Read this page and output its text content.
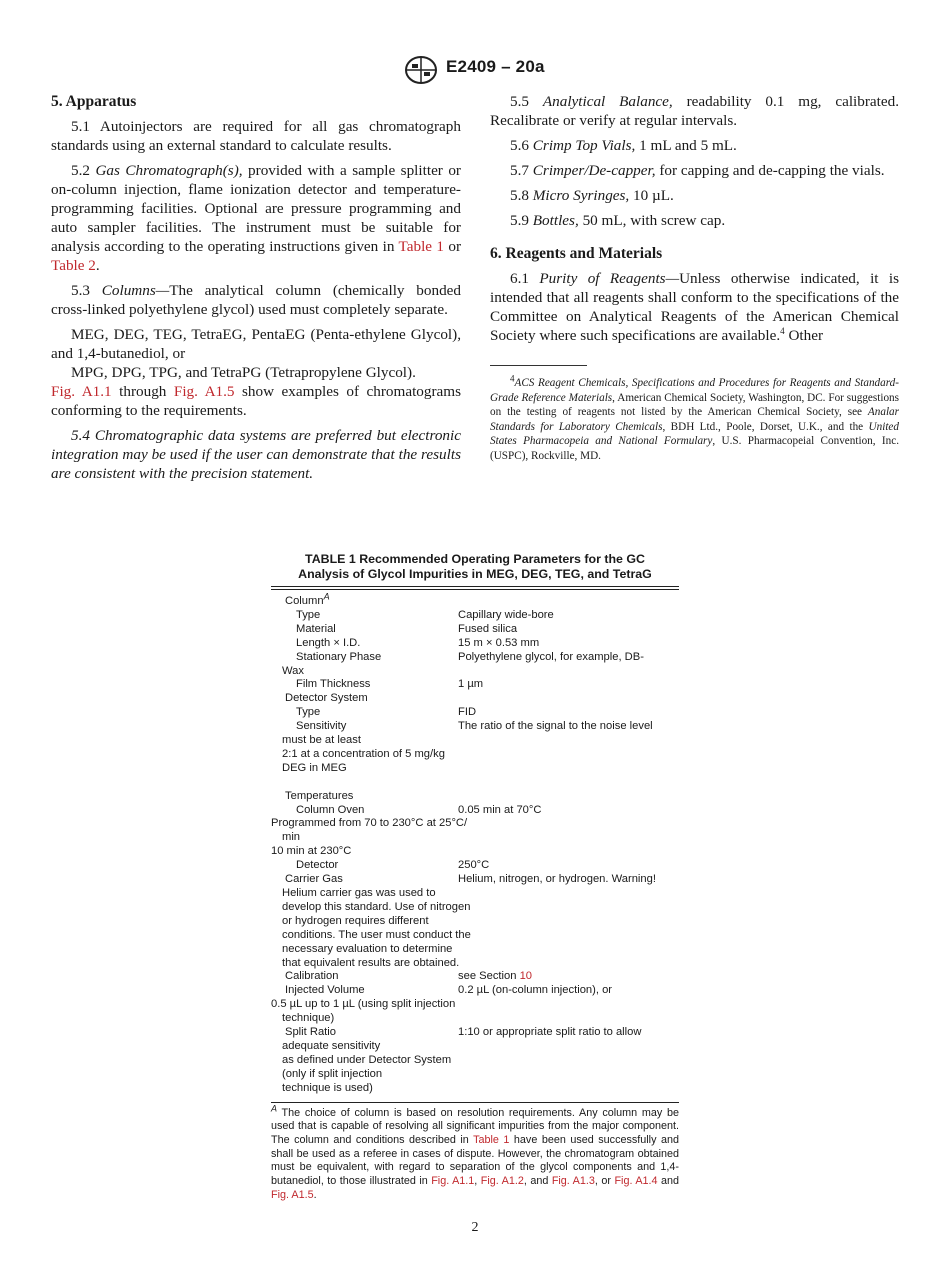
E2409 – 20a
5. Apparatus

5.1 Autoinjectors are required for all gas chromatograph standards using an external standard to calculate results.

5.2 Gas Chromatograph(s), provided with a sample splitter or on-column injection, flame ionization detector and temperature-programming facilities. Optional are pressure programming and auto sampler facilities. The instrument must be suitable for analysis according to the operating instructions given in Table 1 or Table 2.

5.3 Columns—The analytical column (chemically bonded cross-linked polyethylene glycol) used must completely separate.

MEG, DEG, TEG, TetraEG, PentaEG (Penta-ethylene Glycol), and 1,4-butanediol, or

MPG, DPG, TPG, and TetraPG (Tetrapropylene Glycol).

Fig. A1.1 through Fig. A1.5 show examples of chromatograms conforming to the requirements.

5.4 Chromatographic data systems are preferred but electronic integration may be used if the user can demonstrate that the results are consistent with the precision statement.

5.5 Analytical Balance, readability 0.1 mg, calibrated. Recalibrate or verify at regular intervals.

5.6 Crimp Top Vials, 1 mL and 5 mL.

5.7 Crimper/De-capper, for capping and de-capping the vials.

5.8 Micro Syringes, 10 µL.

5.9 Bottles, 50 mL, with screw cap.

6. Reagents and Materials

6.1 Purity of Reagents—Unless otherwise indicated, it is intended that all reagents shall conform to the specifications of the Committee on Analytical Reagents of the American Chemical Society where such specifications are available.$^4$ Other

$^4$ACS Reagent Chemicals, Specifications and Procedures for Reagents and Standard-Grade Reference Materials, American Chemical Society, Washington, DC. For suggestions on the testing of reagents not listed by the American Chemical Society, see Analar Standards for Laboratory Chemicals, BDH Ltd., Poole, Dorset, U.K., and the United States Pharmacopeia and National Formulary, U.S. Pharmacopeial Convention, Inc. (USPC), Rockville, MD.

TABLE 1 Recommended Operating Parameters for the GC
Analysis of Glycol Impurities in MEG, DEG, TEG, and TetraG
Column$^A$

Type	Capillary wide-bore
Material	Fused silica
Length × I.D.	15 m × 0.53 mm
Stationary Phase	Polyethylene glycol, for example, DB-
Wax
Film Thickness	1 µm
Detector System

Type	FID
Sensitivity	The ratio of the signal to the noise level
must be at least
2:1 at a concentration of 5 mg/kg
DEG in MEG
Temperatures

Column Oven	0.05 min at 70°C
Programmed from 70 to 230°C at 25°C/
min
10 min at 230°C
Detector	250°C
Carrier Gas	Helium, nitrogen, or hydrogen. Warning!
Helium carrier gas was used to
develop this standard. Use of nitrogen
or hydrogen requires different
conditions. The user must conduct the
necessary evaluation to determine
that equivalent results are obtained.
Calibration	see Section 10
Injected Volume	0.2 µL (on-column injection), or
0.5 µL up to 1 µL (using split injection
technique)
Split Ratio	1:10 or appropriate split ratio to allow
adequate sensitivity
as defined under Detector System
(only if split injection
technique is used)
$^A$ The choice of column is based on resolution requirements. Any column may be used that is capable of resolving all significant impurities from the major component. The column and conditions described in Table 1 have been used successfully and shall be used as a referee in cases of dispute. However, the chromatogram obtained must be equivalent, with regard to separation of the glycol components and 1,4-butanediol, to those illustrated in Fig. A1.1, Fig. A1.2, and Fig. A1.3, or Fig. A1.4 and Fig. A1.5.
2
